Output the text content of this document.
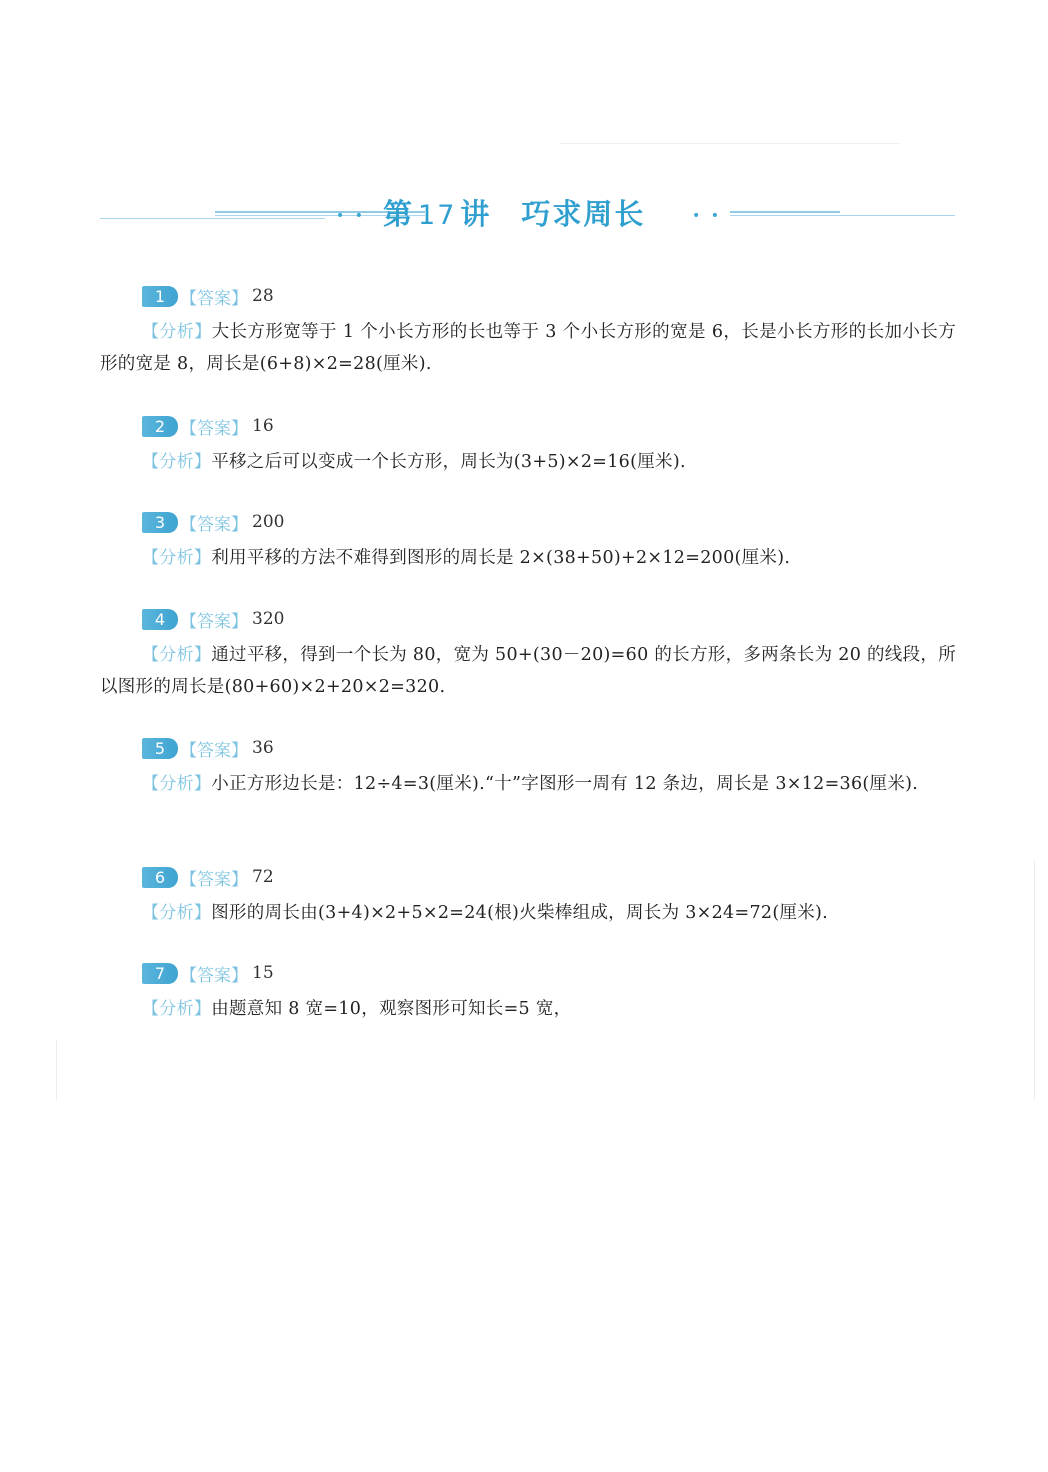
• • 第 17 讲 巧求周长	• •
1 【答案】 28
【分析】大长方形宽等于 1 个小长方形的长也等于 3 个小长方形的宽是 6，长是小长方形的长加小长方形的宽是 8，周长是(6+8)×2=28(厘米).
2 【答案】 16
【分析】平移之后可以变成一个长方形，周长为(3+5)×2=16(厘米).
3 【答案】 200
【分析】利用平移的方法不难得到图形的周长是 2×(38+50)+2×12=200(厘米).
4 【答案】 320
【分析】通过平移，得到一个长为 80，宽为 50+(30－20)=60 的长方形，多两条长为 20 的线段，所以图形的周长是(80+60)×2+20×2=320.
5 【答案】 36
【分析】小正方形边长是：12÷4=3(厘米).“十”字图形一周有 12 条边，周长是 3×12=36(厘米).
6 【答案】 72
【分析】图形的周长由(3+4)×2+5×2=24(根)火柴棒组成，周长为 3×24=72(厘米).
7 【答案】 15
【分析】由题意知 8 宽=10，观察图形可知长=5 宽，
